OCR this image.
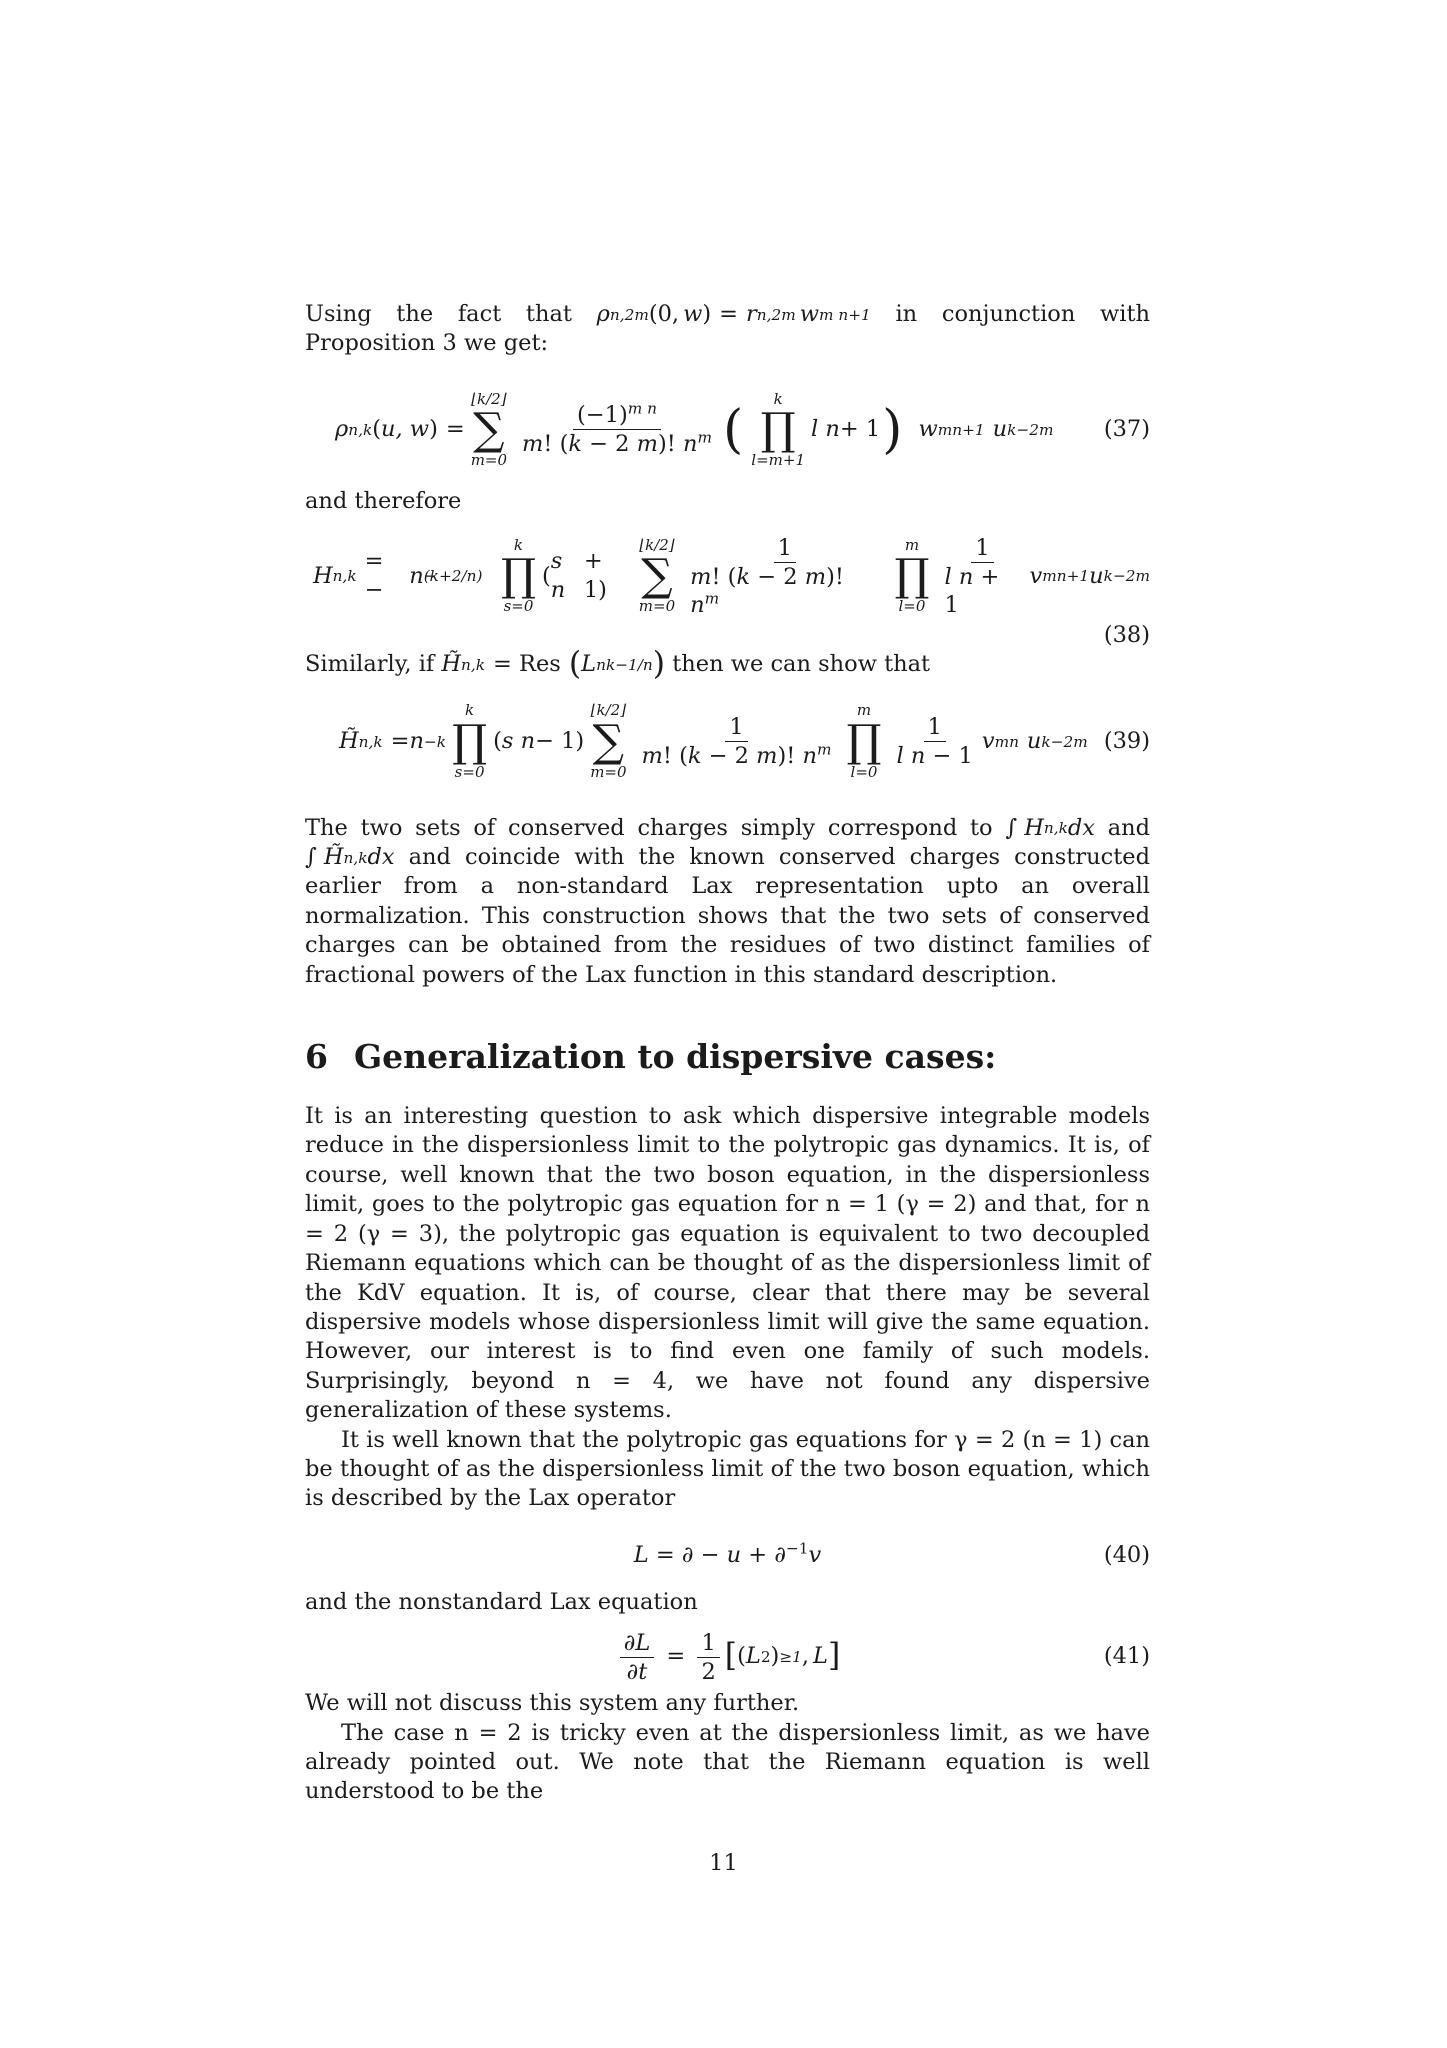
Using the fact that ρ n,2m (0, w ) = r n,2m w m n+1 in conjunction with Proposition 3 we get:

ρ n,k ( u, w ) =
⌊k/2⌋
∑
m=0
$\frac{(-1)^{m n}}{m! (k - 2 m)! n^m}$ (
k
∏
l=m+1
l n + 1 ) w mn+1 u k−2m (37)

and therefore

H n,k
= −
n −(k+2/n)
k
∏
s=0
(
s n
+ 1)
⌊k/2⌋
∑
$m=0 \frac{1}{m! (k - 2 m)! n^m}$ m
∏
$l=0 \frac{1}{\text{l n + 1}}$ v mn+1 u k−2m
(38)

Similarly, if H̃ n,k = Res ( L n k−1/n ) then we can show that

H̃ n,k = n −k
k
∏
s=0
( s n − 1)
⌊k/2⌋
∑
m=0
$\frac{1}{m! (k - 2 m)! n^m}$
m
∏
l=0
$\frac{1}{\text{l n − 1}}$ v mn u k−2m (39)

The two sets of conserved charges simply correspond to ∫ H n,k dx and ∫ H̃ n,k dx and coincide with the known conserved charges constructed earlier from a non-standard Lax representation upto an overall normalization. This construction shows that the two sets of conserved charges can be obtained from the residues of two distinct families of fractional powers of the Lax function in this standard description.

6 Generalization to dispersive cases:

It is an interesting question to ask which dispersive integrable models reduce in the dispersionless limit to the polytropic gas dynamics. It is, of course, well known that the two boson equation, in the dispersionless limit, goes to the polytropic gas equation for n = 1 (γ = 2) and that, for n = 2 (γ = 3), the polytropic gas equation is equivalent to two decoupled Riemann equations which can be thought of as the dispersionless limit of the KdV equation. It is, of course, clear that there may be several dispersive models whose dispersionless limit will give the same equation. However, our interest is to find even one family of such models. Surprisingly, beyond n = 4, we have not found any dispersive generalization of these systems.

It is well known that the polytropic gas equations for γ = 2 (n = 1) can be thought of as the dispersionless limit of the two boson equation, which is described by the Lax operator

L = ∂ − u + ∂$^{-1}$ v	(40)

and the nonstandard Lax equation

$\frac{\partial L}{\partial t} = \frac{1}{2}$ [ ( L 2 ) ≥1 , L ]	(41)

We will not discuss this system any further.

The case n = 2 is tricky even at the dispersionless limit, as we have already pointed out. We note that the Riemann equation is well understood to be the

11
